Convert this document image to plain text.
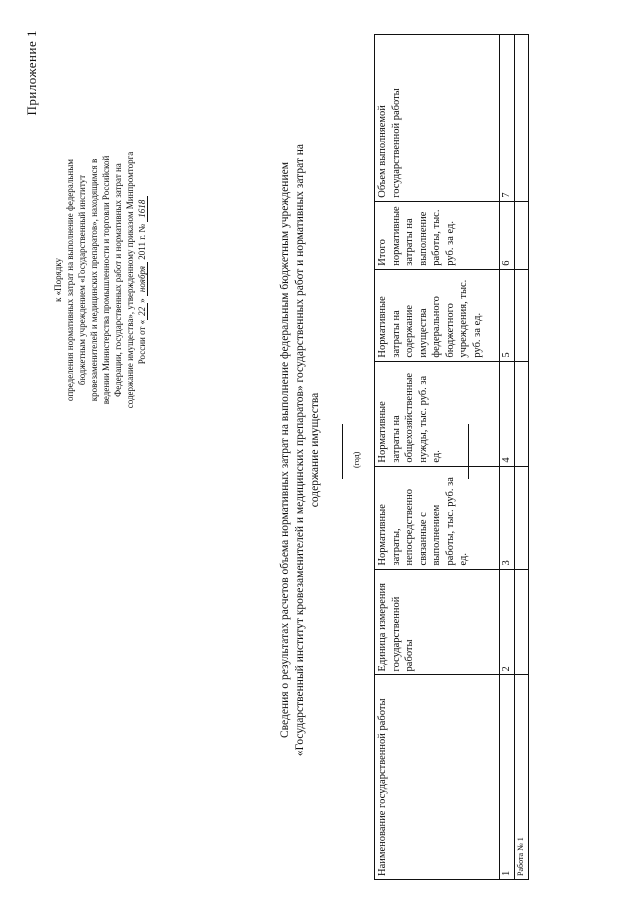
Приложение 1
к «Порядку определения нормативных затрат на выполнение федеральным бюджетным учреждением «Государственный институт кровезаменителей и медицинских препаратов», находящимся в ведении Министерства промышленности и торговли Российской Федерации, государственных работ и нормативных затрат на содержание имущества», утвержденному приказом Минпромторга России от «22» ноября 2011 г. № 1618	Сведения о результатах расчетов объема нормативных затрат на выполнение федеральным бюджетным учреждением «Государственный институт кровезаменителей и медицинских препаратов» государственных работ и нормативных затрат на содержание имущества	(год)
Наименование государственной работы	Единица измерения государственной работы	Нормативные затраты, непосредственно связанные с выполнением работы, тыс. руб. за ед.	Нормативные затраты на общехозяйственные нужды, тыс. руб. за ед.	Нормативные затраты на содержание имущества федерального бюджетного учреждения, тыс. руб. за ед.	Итого нормативные затраты на выполнение работы, тыс. руб. за ед.	Объем выполняемой государственной работы
1	2	3	4	5	6	7
Работа № 1						
